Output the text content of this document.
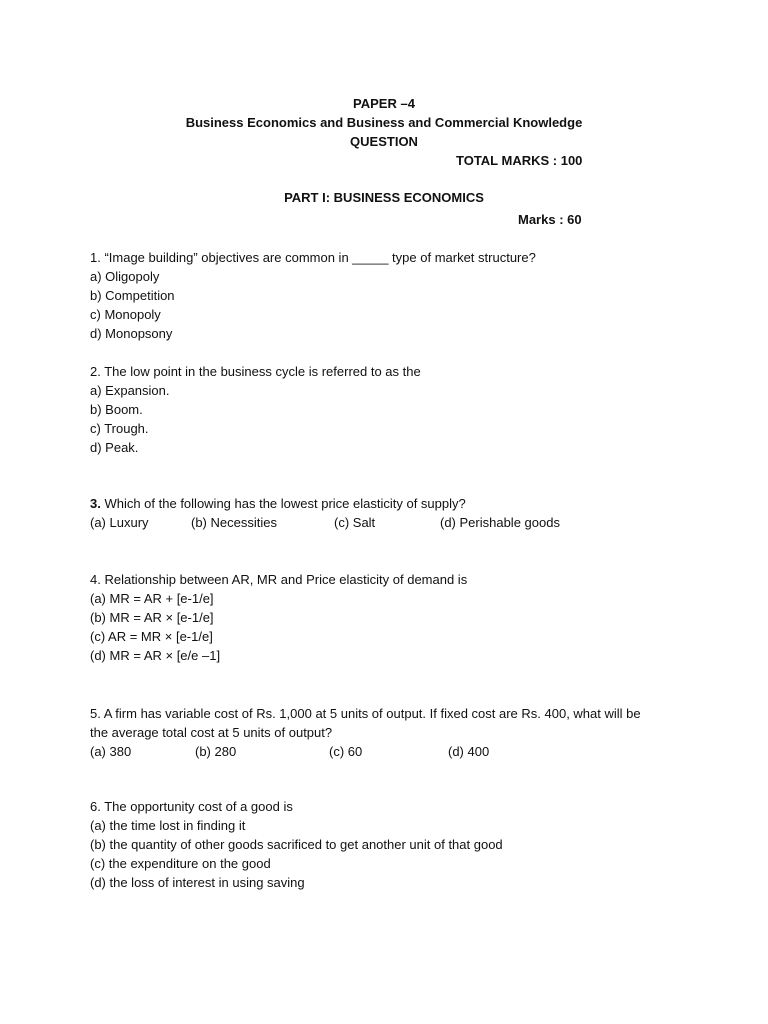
PAPER –4
Business Economics and Business and Commercial Knowledge
QUESTION
TOTAL MARKS : 100
PART I: BUSINESS ECONOMICS
Marks : 60
1. “Image building” objectives are common in _____ type of market structure?
a) Oligopoly
b) Competition
c) Monopoly
d) Monopsony
2. The low point in the business cycle is referred to as the
a) Expansion.
b) Boom.
c) Trough.
d) Peak.
3. Which of the following has the lowest price elasticity of supply?
(a) Luxury	(b) Necessities	(c) Salt	(d) Perishable goods
4. Relationship between AR, MR and Price elasticity of demand is
(a) MR = AR + [e-1/e]
(b) MR = AR × [e-1/e]
(c) AR = MR × [e-1/e]
(d) MR = AR × [e/e –1]
5. A firm has variable cost of Rs. 1,000 at 5 units of output. If fixed cost are Rs. 400, what will be
the average total cost at 5 units of output?
(a) 380	(b) 280	(c) 60	(d) 400
6. The opportunity cost of a good is
(a) the time lost in finding it
(b) the quantity of other goods sacrificed to get another unit of that good
(c) the expenditure on the good
(d) the loss of interest in using saving
